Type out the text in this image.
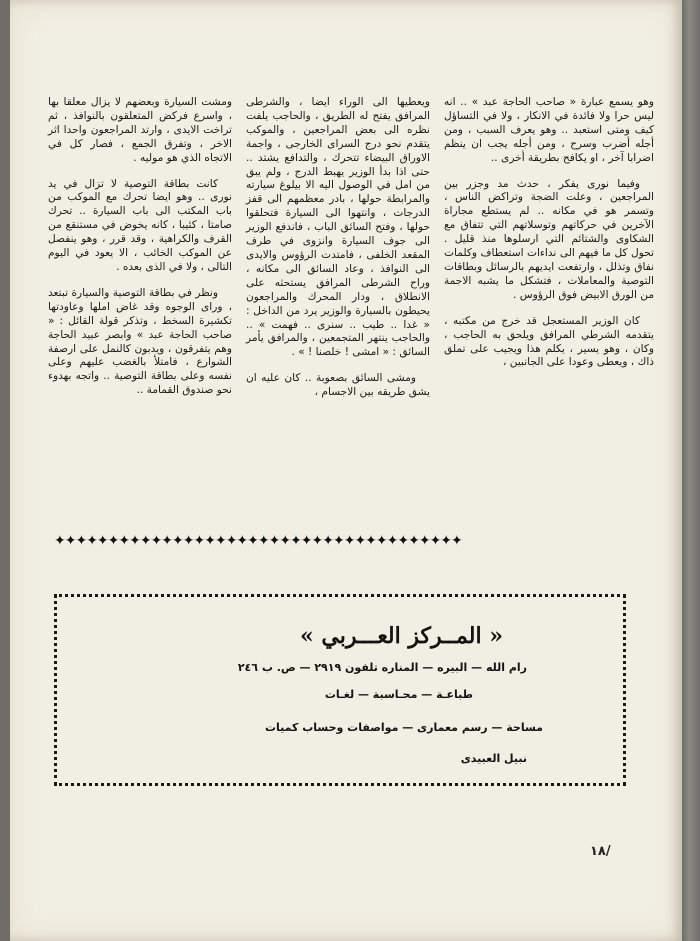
وهو يسمع عبارة « صاحب الحاجة عبد » .. انه ليس حرا ولا فائدة في الانكار ، ولا في التساؤل كيف ومتى استعبد .. وهو يعرف السبب ، ومن أجله أضرب وسرح ، ومن أجله يجب ان ينظم اضرابا آخر ، او يكافح بطريقة أخرى ..

وفيما نورى يفكر ، حدث مد وجزر بين المراجعين ، وعلت الضجة وتراكض الناس ، وتسمر هو في مكانه .. لم يستطع مجاراة الآخرين في حركاتهم وتوسلاتهم التي تتفاق مع الشكاوى والشتائم التي ارسلوها منذ قليل . تحول كل ما فيهم الى نداءات استعطاف وكلمات نفاق وتذلل ، وارتفعت ايديهم بالرسائل وبطاقات التوصية والمعاملات ، فتشكل ما يشبه الاجمة من الورق الابيض فوق الرؤوس .

كان الوزير المستعجل قد خرج من مكتبه ، يتقدمه الشرطي المرافق ويلحق به الحاجب ، وكان ، وهو يسير ، يكلم هذا ويجيب على تملق ذاك ، ويعطى وعودا على الجانبين ،

ويعطيها الى الوراء ايضا ، والشرطى المرافق يفتح له الطريق ، والحاجب يلفت نظره الى بعض المراجعين ، والموكب يتقدم نحو درج السراى الخارجى ، واجمة الاوراق البيضاء تتحرك ، والتدافع يشتد .. حتى اذا بدأ الوزير يهبط الدرج ، ولم يبق من امل في الوصول اليه الا بيلوغ سيارته والمرابطة حولها ، بادر معظمهم الى قفز الدرجات ، وانتهوا الى السيارة فتحلقوا حولها ، وفتح السائق الباب ، فاندفع الوزير الى جوف السيارة وانزوى في طرف المقعد الخلفى ، فامتدت الرؤوس والايدى الى النوافذ ، وعاد السائق الى مكانه ، وراح الشرطى المرافق يستحثه على الانطلاق ، ودار المحرك والمراجعون يحيطون بالسيارة والوزير يرد من الداخل : « غدا .. طيب .. سنرى .. فهمت » .. والحاجب ينتهر المتجمعين ، والمرافق يأمر السائق : « امشى ! خلصنا ! » .

ومشى السائق بصعوبة .. كان عليه ان يشق طريقه بين الاجسام ،

ومشت السيارة وبعضهم لا يزال معلقا بها ، واسرع فركض المتعلقون بالنوافذ ، ثم تراخت الايدى ، وارتد المراجعون واحدا اثر الاخر ، وتفرق الجمع ، فصار كل في الاتجاه الذي هو موليه .

كانت بطاقة التوصية لا تزال في يد نورى .. وهو ايضا تحرك مع الموكب من باب المكتب الى باب السيارة .. تحرك صامتا ، كئيبا ، كانه يخوض في مستنقع من القرف والكراهية ، وقد قرر ، وهو ينفصل عن الموكب الخائب ، الا يعود في اليوم التالى ، ولا في الذى بعده .

ونظر في بطاقة التوصية والسيارة تبتعد ، وراى الوجوه وقد غاض املها وعاودتها تكشيرة السخط ، وتذكر قولة القائل : « صاحب الحاجة عبد » وابصر عبيد الحاجة وهم يتفرقون ، ويدبون كالنمل على ارصفة الشوارع ، فامتلأ بالغضب عليهم وعلى نفسه وعلى بطاقة التوصية .. واتجه بهدوء نحو صندوق القمامة ..

✦✦✦✦✦✦✦✦✦✦✦✦✦✦✦✦✦✦✦✦✦✦✦✦✦✦✦✦✦✦✦✦✦✦✦✦✦✦
« المــركز العـــربي »
رام الله — البيره — المناره تلفون ٢٩١٩ — ص. ب ٢٤٦
طباعـة — محـاسبة — لغـات
مساحة — رسم معمارى — مواصفات وحساب كميات
نبيل العبيدى
١٨/
